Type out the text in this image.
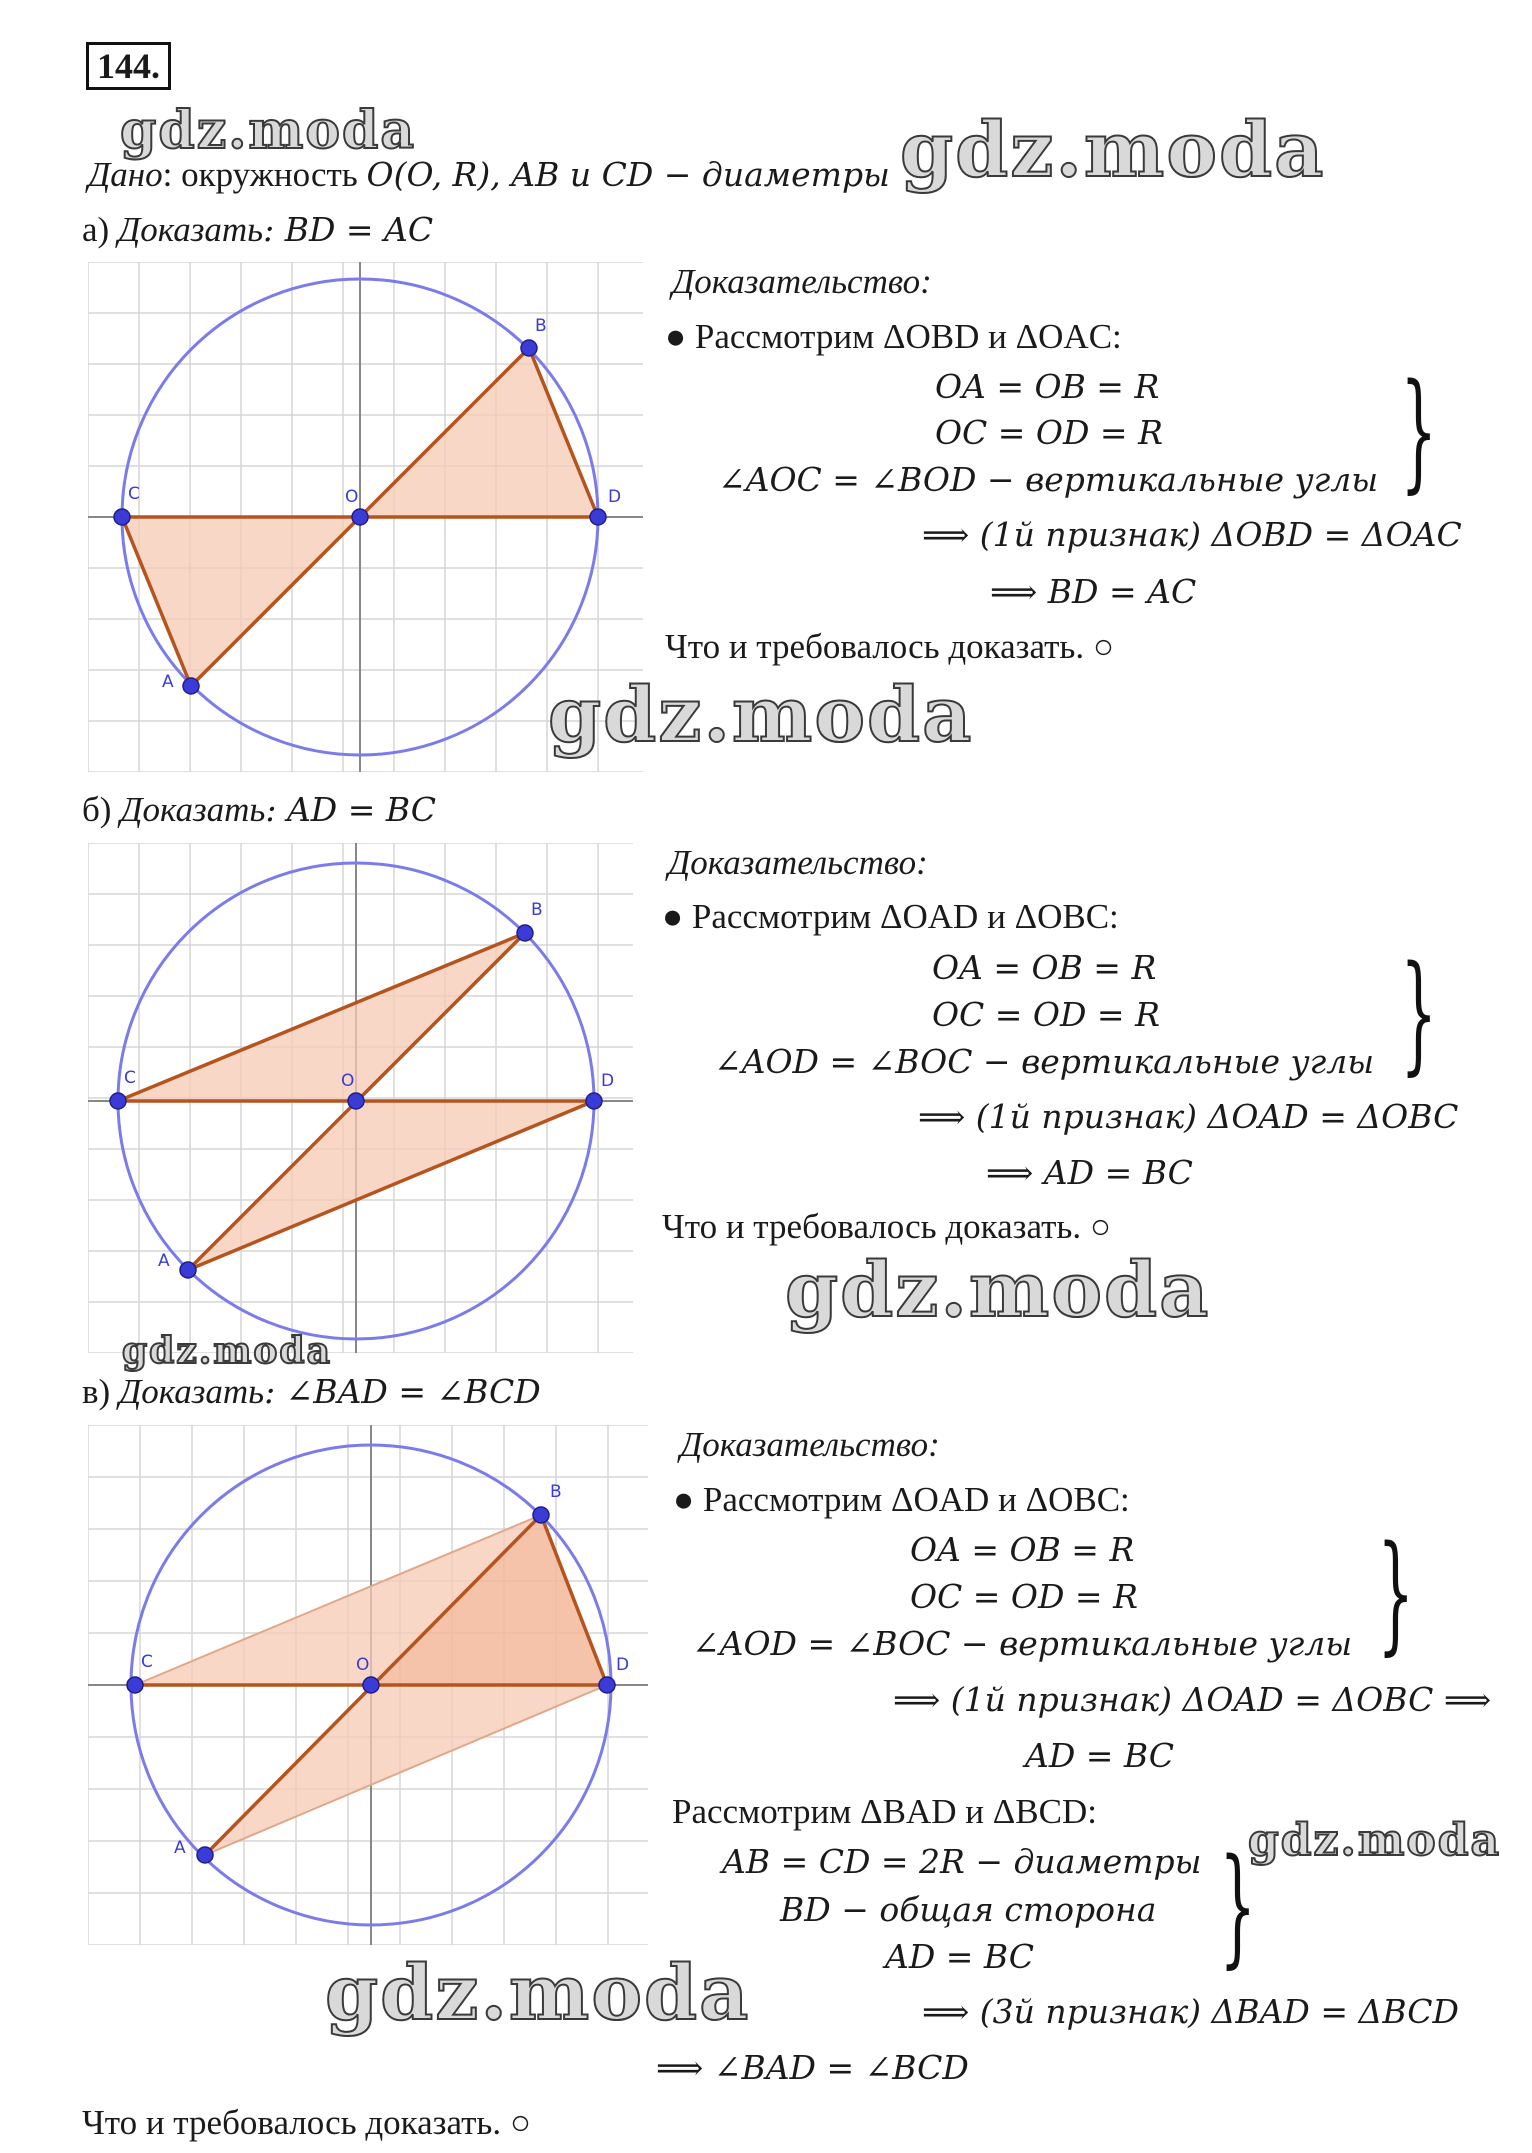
144.
Дано: окружность O(O, R), AB и CD − диаметры
а) Доказать: BD = AC
A
B
C	D
O
Доказательство:
● Рассмотрим ΔOBD и ΔOAC:
OA = OB = R
OC = OD = R
∠AOC = ∠BOD − вертикальные углы }
⟹ (1й признак) ΔOBD = ΔOAC
⟹ BD = AC
Что и требовалось доказать. ○
б) Доказать: AD = BC
A
B
C	D
O
Доказательство:
● Рассмотрим ΔOAD и ΔOBC:
OA = OB = R
OC = OD = R
∠AOD = ∠BOC − вертикальные углы }
⟹ (1й признак) ΔOAD = ΔOBC
⟹ AD = BC
Что и требовалось доказать. ○
в) Доказать: ∠BAD = ∠BCD
A
B
C	D
O
Доказательство:
● Рассмотрим ΔOAD и ΔOBC:
OA = OB = R
OC = OD = R
∠AOD = ∠BOC − вертикальные углы }
⟹ (1й признак) ΔOAD = ΔOBC ⟹
AD = BC
Рассмотрим ΔBAD и ΔBCD:
AB = CD = 2R − диаметры
BD − общая сторона
AD = BC }
⟹ (3й признак) ΔBAD = ΔBCD
⟹ ∠BAD = ∠BCD
Что и требовалось доказать. ○
gdz.moda	gdz.moda
gdz.moda
gdz.moda
gdz.moda
gdz.moda
gdz.moda
